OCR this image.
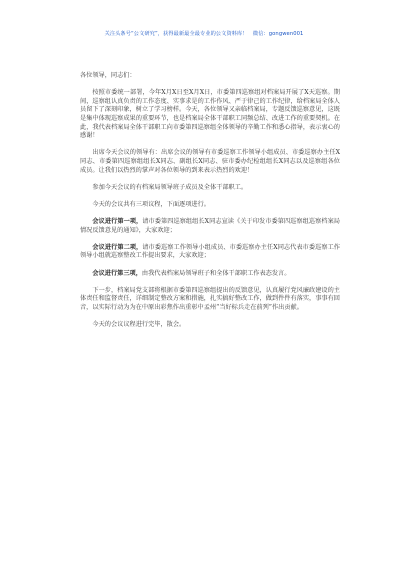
关注头条号“公文研究”，获得最新最全最专业的公文资料库！　微信：gongwen001

各位领导，同志们：

按照市委统一部署，今年X月X日至X月X日，市委第四巡察组对档案局开展了X天巡察。期间，巡察组认真负责的工作态度、实事求是的工作作风、严于律己的工作纪律，给档案局全体人员留下了深刻印象，树立了学习榜样。今天，各位领导又亲临档案局，专题反馈巡察意见，这既是集中体现巡察成果的重要环节，也是档案局全体干部职工同频总结、改进工作的重要契机。在此，我代表档案局全体干部职工向市委第四巡察组全体领导的辛勤工作和悉心指导，表示衷心的感谢！

出席今天会议的领导有：出席会议的领导有市委巡察工作领导小组成员、市委巡察办主任X同志、市委第四巡察组组长X同志、副组长X同志、驻市委办纪检组组长X同志以及巡察组各位成员。让我们以热烈的掌声对各位领导的到来表示热烈的欢迎！

参加今天会议的有档案局领导班子成员及全体干部职工。

今天的会议共有三项议程，下面逐项进行。

会议进行第一项，请市委第四巡察组组长X同志宣读《关于印发市委第四巡察组巡察档案局情况反馈意见的通知》，大家欢迎；

会议进行第二项，请市委巡察工作领导小组成员、市委巡察办主任X同志代表市委巡察工作领导小组就巡察整改工作提出要求，大家欢迎；

会议进行第三项，由我代表档案局领导班子和全体干部职工作表态发言。

下一步，档案局党支部将根据市委第四巡察组提出的反馈意见，认真履行党风廉政建设的主体责任和监督责任，详细制定整改方案和措施，扎实搞好整改工作，做到件件有落实，事事有回音，以实际行动为为在中原出彩焦作出重彰中孟州“当好标兵走在前列”作出贡献。

今天的会议议程进行完毕，散会。
